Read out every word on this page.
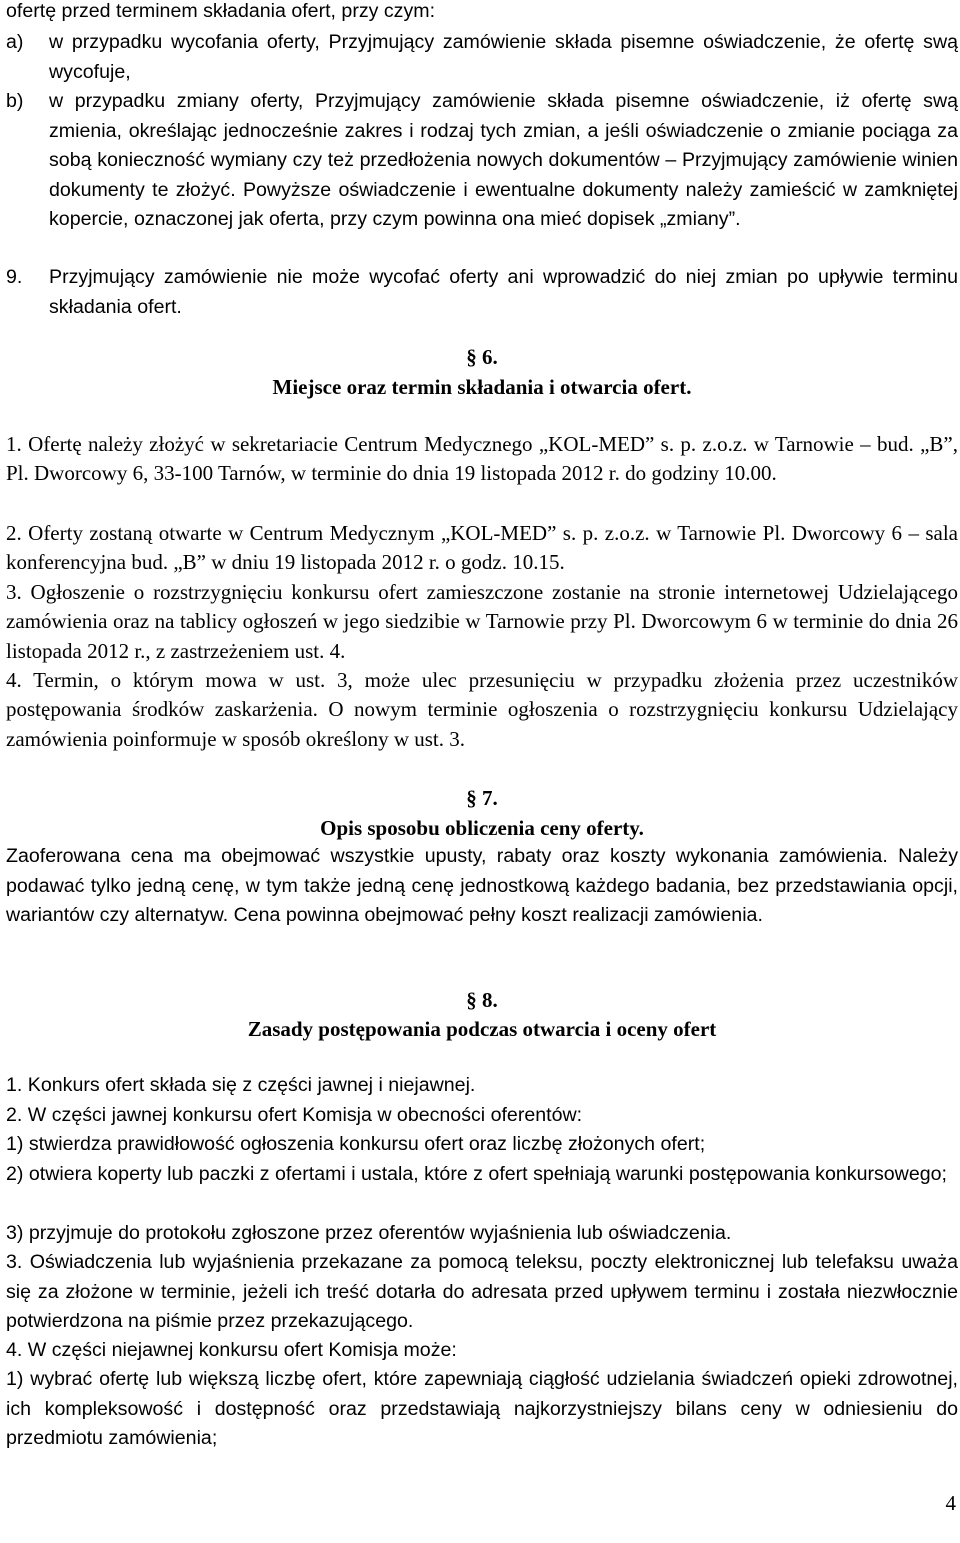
ofertę przed terminem składania ofert, przy czym:

a)	w przypadku wycofania oferty, Przyjmujący zamówienie składa pisemne oświadczenie, że ofertę swą wycofuje,
b)	w przypadku zmiany oferty, Przyjmujący zamówienie składa pisemne oświadczenie, iż ofertę swą zmienia, określając jednocześnie zakres i rodzaj tych zmian, a jeśli oświadczenie o zmianie pociąga za sobą konieczność wymiany czy też przedłożenia nowych dokumentów – Przyjmujący zamówienie winien dokumenty te złożyć. Powyższe oświadczenie i ewentualne dokumenty należy zamieścić w zamkniętej kopercie, oznaczonej jak oferta, przy czym powinna ona mieć dopisek „zmiany”.
9.	Przyjmujący zamówienie nie może wycofać oferty ani wprowadzić do niej zmian po upływie terminu składania ofert.

§ 6.

Miejsce oraz termin składania i otwarcia ofert.

1. Ofertę należy złożyć w sekretariacie Centrum Medycznego „KOL-MED” s. p. z.o.z. w Tarnowie – bud. „B”, Pl. Dworcowy 6, 33-100 Tarnów, w terminie do dnia 19 listopada 2012 r. do godziny 10.00.

2. Oferty zostaną otwarte w Centrum Medycznym „KOL-MED” s. p. z.o.z. w Tarnowie Pl. Dworcowy 6 – sala konferencyjna bud. „B” w dniu 19 listopada 2012 r. o godz. 10.15.

3. Ogłoszenie o rozstrzygnięciu konkursu ofert zamieszczone zostanie na stronie internetowej Udzielającego zamówienia oraz na tablicy ogłoszeń w jego siedzibie w Tarnowie przy Pl. Dworcowym 6 w terminie do dnia 26 listopada 2012 r., z zastrzeżeniem ust. 4.

4. Termin, o którym mowa w ust. 3, może ulec przesunięciu w przypadku złożenia przez uczestników postępowania środków zaskarżenia. O nowym terminie ogłoszenia o rozstrzygnięciu konkursu Udzielający zamówienia poinformuje w sposób określony w ust. 3.

§ 7.

Opis sposobu obliczenia ceny oferty.

Zaoferowana cena ma obejmować wszystkie upusty, rabaty oraz koszty wykonania zamówienia. Należy podawać tylko jedną cenę, w tym także jedną cenę jednostkową każdego badania, bez przedstawiania opcji, wariantów czy alternatyw. Cena powinna obejmować pełny koszt realizacji zamówienia.

§ 8.

Zasady postępowania podczas otwarcia i oceny ofert

1. Konkurs ofert składa się z części jawnej i niejawnej.

2. W części jawnej konkursu ofert Komisja w obecności oferentów:

1) stwierdza prawidłowość ogłoszenia konkursu ofert oraz liczbę złożonych ofert;

2) otwiera koperty lub paczki z ofertami i ustala, które z ofert spełniają warunki postępowania konkursowego;

3) przyjmuje do protokołu zgłoszone przez oferentów wyjaśnienia lub oświadczenia.

3. Oświadczenia lub wyjaśnienia przekazane za pomocą teleksu, poczty elektronicznej lub telefaksu uważa się za złożone w terminie, jeżeli ich treść dotarła do adresata przed upływem terminu i została niezwłocznie potwierdzona na piśmie przez przekazującego.

4. W części niejawnej konkursu ofert Komisja może:

1) wybrać ofertę lub większą liczbę ofert, które zapewniają ciągłość udzielania świadczeń opieki zdrowotnej, ich kompleksowość i dostępność oraz przedstawiają najkorzystniejszy bilans ceny w odniesieniu do przedmiotu zamówienia;

4
